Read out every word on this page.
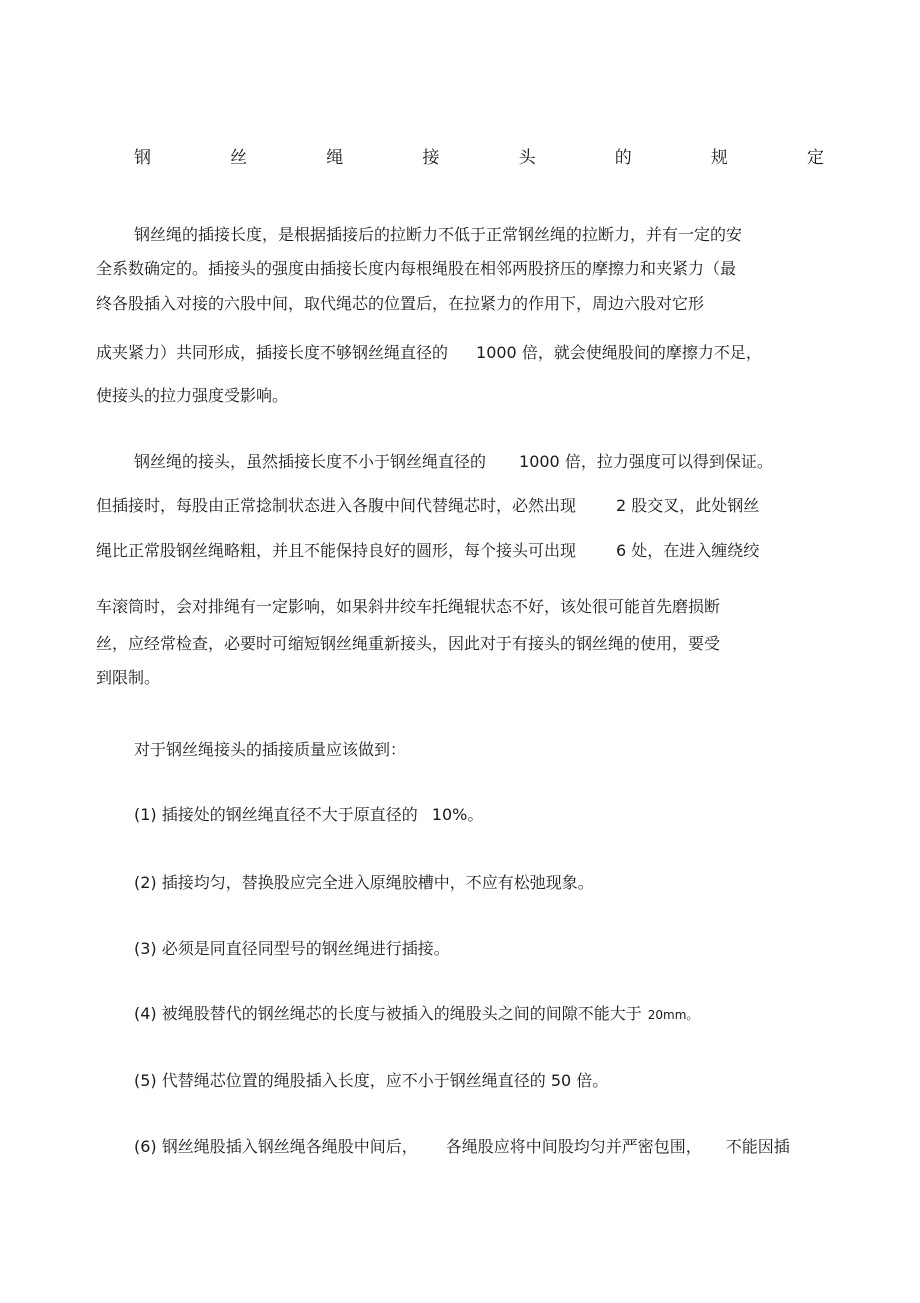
钢	丝	绳	接	头	的	规	定
钢丝绳的插接长度，是根据插接后的拉断力不低于正常钢丝绳的拉断力，并有一定的安
全系数确定的。插接头的强度由插接长度内每根绳股在相邻两股挤压的摩擦力和夹紧力（最
终各股插入对接的六股中间，取代绳芯的位置后，在拉紧力的作用下，周边六股对它形
成夹紧力）共同形成，插接长度不够钢丝绳直径的 1000 倍，就会使绳股间的摩擦力不足，
使接头的拉力强度受影响。
钢丝绳的接头，虽然插接长度不小于钢丝绳直径的 1000 倍，拉力强度可以得到保证。
但插接时，每股由正常捻制状态进入各腹中间代替绳芯时，必然出现	2 股交叉，此处钢丝
绳比正常股钢丝绳略粗，并且不能保持良好的圆形，每个接头可出现	6 处，在进入缠绕绞
车滚筒时，会对排绳有一定影响，如果斜井绞车托绳辊状态不好，该处很可能首先磨损断
丝，应经常检查，必要时可缩短钢丝绳重新接头，因此对于有接头的钢丝绳的使用，要受
到限制。
对于钢丝绳接头的插接质量应该做到：
(1) 插接处的钢丝绳直径不大于原直径的 10%。
(2) 插接均匀，替换股应完全进入原绳胶槽中，不应有松弛现象。
(3) 必须是同直径同型号的钢丝绳进行插接。
(4) 被绳股替代的钢丝绳芯的长度与被插入的绳股头之间的间隙不能大于 20mm。
(5) 代替绳芯位置的绳股插入长度，应不小于钢丝绳直径的 50 倍。
(6) 钢丝绳股插入钢丝绳各绳股中间后， 各绳股应将中间股均匀并严密包围， 不能因插
